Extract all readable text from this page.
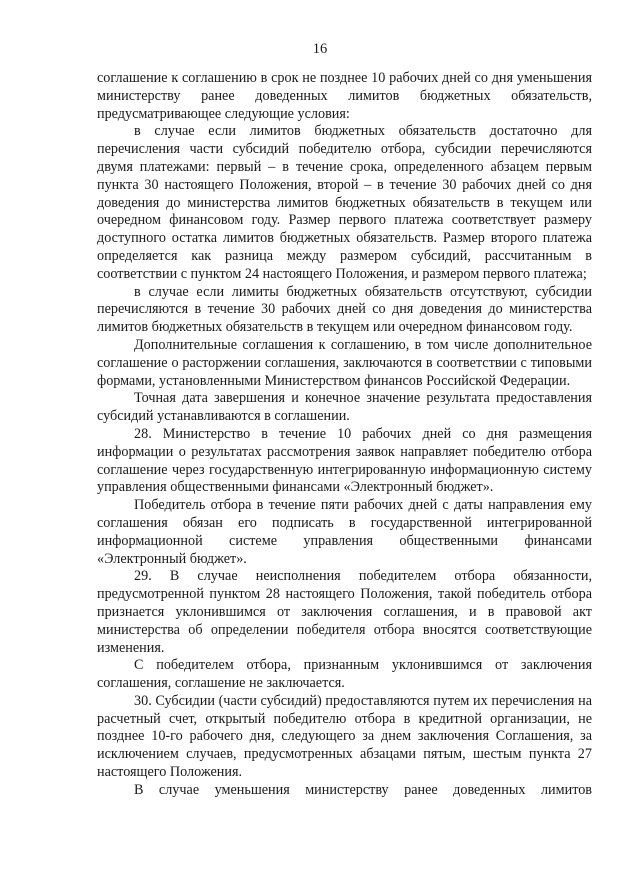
16

соглашение к соглашению в срок не позднее 10 рабочих дней со дня уменьшения министерству ранее доведенных лимитов бюджетных обязательств, предусматривающее следующие условия:

в случае если лимитов бюджетных обязательств достаточно для перечисления части субсидий победителю отбора, субсидии перечисляются двумя платежами: первый – в течение срока, определенного абзацем первым пункта 30 настоящего Положения, второй – в течение 30 рабочих дней со дня доведения до министерства лимитов бюджетных обязательств в текущем или очередном финансовом году. Размер первого платежа соответствует размеру доступного остатка лимитов бюджетных обязательств. Размер второго платежа определяется как разница между размером субсидий, рассчитанным в соответствии с пунктом 24 настоящего Положения, и размером первого платежа;

в случае если лимиты бюджетных обязательств отсутствуют, субсидии перечисляются в течение 30 рабочих дней со дня доведения до министерства лимитов бюджетных обязательств в текущем или очередном финансовом году.

Дополнительные соглашения к соглашению, в том числе дополнительное соглашение о расторжении соглашения, заключаются в соответствии с типовыми формами, установленными Министерством финансов Российской Федерации.

Точная дата завершения и конечное значение результата предоставления субсидий устанавливаются в соглашении.

28. Министерство в течение 10 рабочих дней со дня размещения информации о результатах рассмотрения заявок направляет победителю отбора соглашение через государственную интегрированную информационную систему управления общественными финансами «Электронный бюджет».

Победитель отбора в течение пяти рабочих дней с даты направления ему соглашения обязан его подписать в государственной интегрированной информационной системе управления общественными финансами «Электронный бюджет».

29. В случае неисполнения победителем отбора обязанности, предусмотренной пунктом 28 настоящего Положения, такой победитель отбора признается уклонившимся от заключения соглашения, и в правовой акт министерства об определении победителя отбора вносятся соответствующие изменения.

С победителем отбора, признанным уклонившимся от заключения соглашения, соглашение не заключается.

30. Субсидии (части субсидий) предоставляются путем их перечисления на расчетный счет, открытый победителю отбора в кредитной организации, не позднее 10-го рабочего дня, следующего за днем заключения Соглашения, за исключением случаев, предусмотренных абзацами пятым, шестым пункта 27 настоящего Положения.

В случае уменьшения министерству ранее доведенных лимитов
